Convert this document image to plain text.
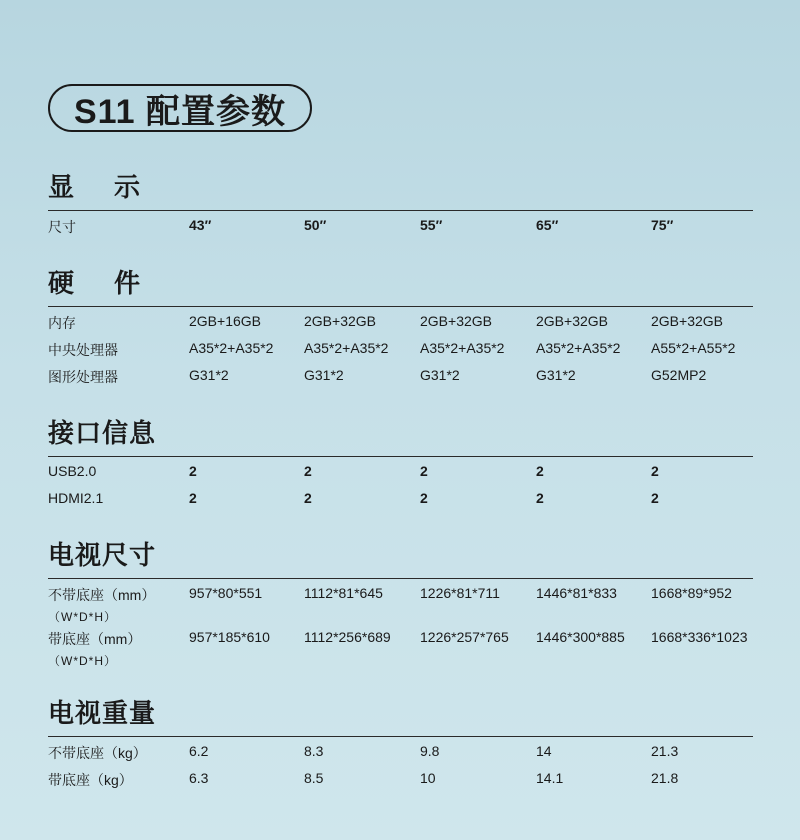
S11 配置参数
显示
尺寸	43″	50″	55″	65″	75″
硬件
内存	2GB+16GB	2GB+32GB	2GB+32GB	2GB+32GB	2GB+32GB
中央处理器	A35*2+A35*2 A35*2+A35*2 A35*2+A35*2 A35*2+A35*2 A55*2+A55*2
图形处理器	G31*2	G31*2	G31*2	G31*2	G52MP2
接口信息
USB2.0	2	2	2	2	2
HDMI2.1	2	2	2	2	2
电视尺寸
不带底座（mm）
（W*D*H）
957*80*551	1112*81*645	1226*81*711	1446*81*833 1668*89*952
带底座（mm）
（W*D*H）
957*185*610 1112*256*689 1226*257*765 1446*300*885 1668*336*1023
电视重量
不带底座（kg）	6.2	8.3	9.8	14	21.3
带底座（kg）	6.3	8.5	10	14.1	21.8
